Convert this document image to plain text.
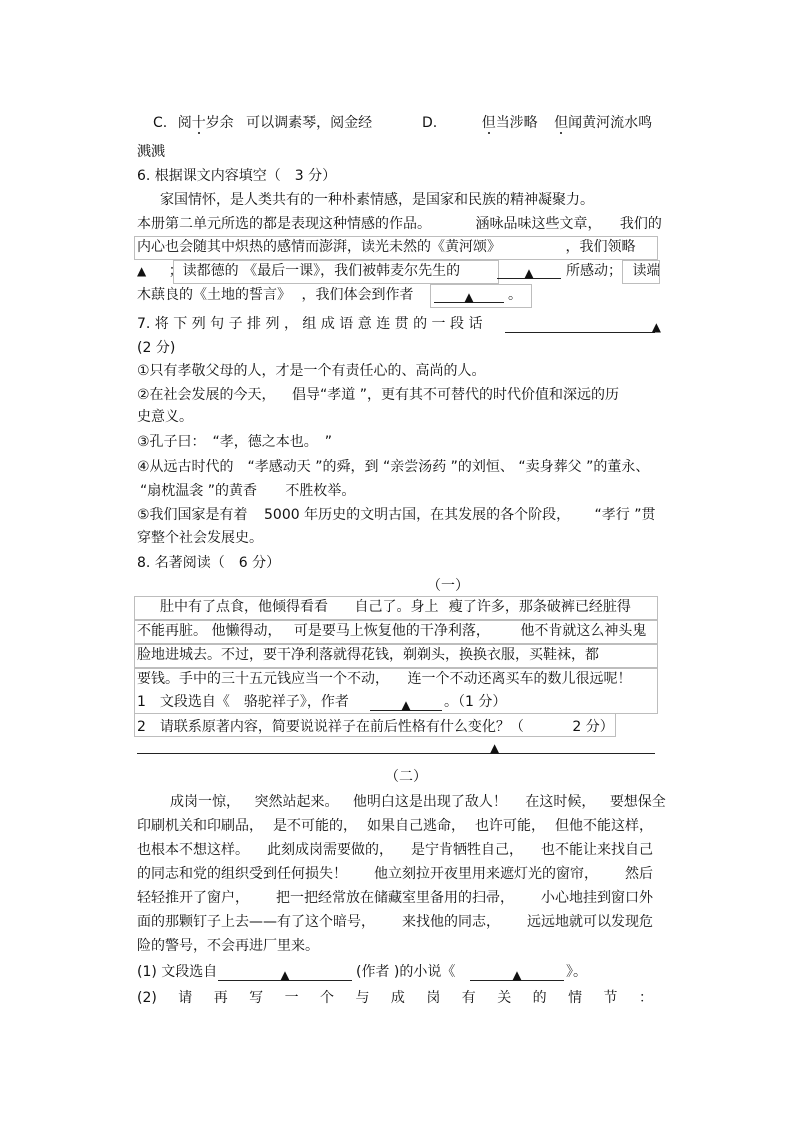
C. 阅十岁余 可以调素琴，阅金经	D.	但当涉略 但闻黄河流水鸣
溅溅
6. 根据课文内容填空（　3 分）
家国情怀，是人类共有的一种朴素情感，是国家和民族的精神凝聚力。
本册第二单元所选的都是表现这种情感的作品。	涵咏品味这些文章， 我们的
内心也会随其中炽热的感情而澎湃，读光未然的《黄河颂》	，我们领略
▲ ；读都德的 《最后一课》，我们被韩麦尔先生的	▲ 所感动； 读端
木蕻良的《土地的誓言》 ，我们体会到作者	▲ 。
7. 将 下 列 句 子 排 列 ， 组 成 语 意 连 贯 的 一 段 话	▲
(2 分)
①只有孝敬父母的人，才是一个有责任心的、高尚的人。
②在社会发展的今天， 倡导“孝道 ”，更有其不可替代的时代价值和深远的历
史意义。
③孔子曰：　“孝，德之本也。　”
④从远古时代的　“孝感动天 ”的舜，到 “亲尝汤药 ”的刘恒、 “卖身葬父 ”的董永、
“扇枕温衾 ”的黄香 不胜枚举。
⑤我们国家是有着 5000 年历史的文明古国，在其发展的各个阶段， “孝行 ”贯
穿整个社会发展史。
8. 名著阅读（　6 分）
（一）
肚中有了点食，他倾得看看 自己了。身上 瘦了许多，那条破裤已经脏得
不能再脏。 他懒得动， 可是要马上恢复他的干净利落， 他不肯就这么神头鬼
脸地进城去。不过，要干净利落就得花钱，剃剃头，换换衣服，买鞋袜，都
要钱。手中的三十五元钱应当一个不动， 连一个不动还离买车的数儿很远呢！
1　文段选自《　骆驼祥子》，作者	▲ 。（1 分）
2　请联系原著内容，简要说说祥子在前后性格有什么变化？（	2 分）
▲
（二）
成岗一惊， 突然站起来。 他明白这是出现了敌人！ 在这时候， 要想保全
印刷机关和印刷品， 是不可能的， 如果自己逃命， 也许可能， 但他不能这样，
也根本不想这样。 此刻成岗需要做的， 是宁肯牺牲自己， 也不能让来找自己
的同志和党的组织受到任何损失！ 他立刻拉开夜里用来遮灯光的窗帘， 然后
轻轻推开了窗户， 把一把经常放在储藏室里备用的扫帚， 小心地挂到窗口外
面的那颗钉子上去——有了这个暗号， 来找他的同志， 远远地就可以发现危
险的警号，不会再进厂里来。
(1) 文段选自	▲	(作者 )的小说《	▲	》。
(2) 请 再 写 一 个 与 成 岗 有 关 的 情 节 ：
